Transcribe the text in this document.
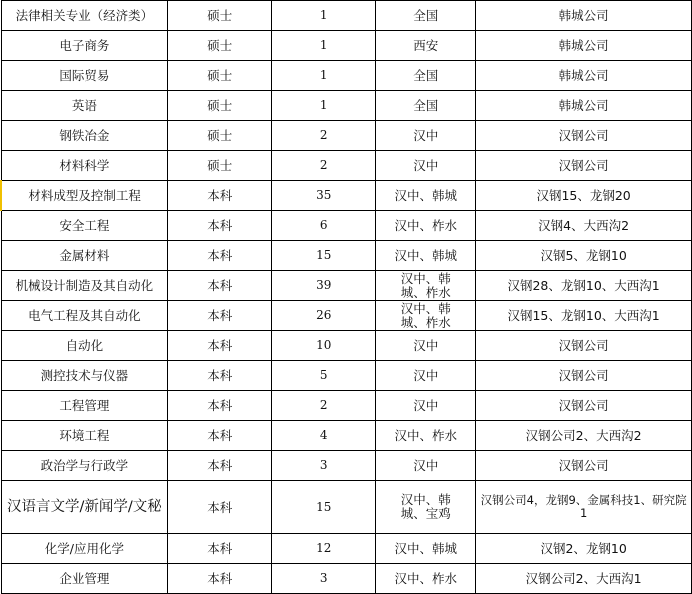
法律相关专业（经济类）	硕士	1	全国	韩城公司
电子商务	硕士	1	西安	韩城公司
国际贸易	硕士	1	全国	韩城公司
英语	硕士	1	全国	韩城公司
钢铁冶金	硕士	2	汉中	汉钢公司
材料科学	硕士	2	汉中	汉钢公司
材料成型及控制工程	本科	35	汉中、韩城	汉钢15、龙钢20
安全工程	本科	6	汉中、柞水	汉钢4、大西沟2
金属材料	本科	15	汉中、韩城	汉钢5、龙钢10
机械设计制造及其自动化	本科	39	汉中、韩城、柞水	汉钢28、龙钢10、大西沟1
电气工程及其自动化	本科	26	汉中、韩城、柞水	汉钢15、龙钢10、大西沟1
自动化	本科	10	汉中	汉钢公司
测控技术与仪器	本科	5	汉中	汉钢公司
工程管理	本科	2	汉中	汉钢公司
环境工程	本科	4	汉中、柞水	汉钢公司2、大西沟2
政治学与行政学	本科	3	汉中	汉钢公司
汉语言文学/新闻学/文秘	本科	15	汉中、韩城、宝鸡	汉钢公司4，龙钢9、金属科技1、研究院1
化学/应用化学	本科	12	汉中、韩城	汉钢2、龙钢10
企业管理	本科	3	汉中、柞水	汉钢公司2、大西沟1
